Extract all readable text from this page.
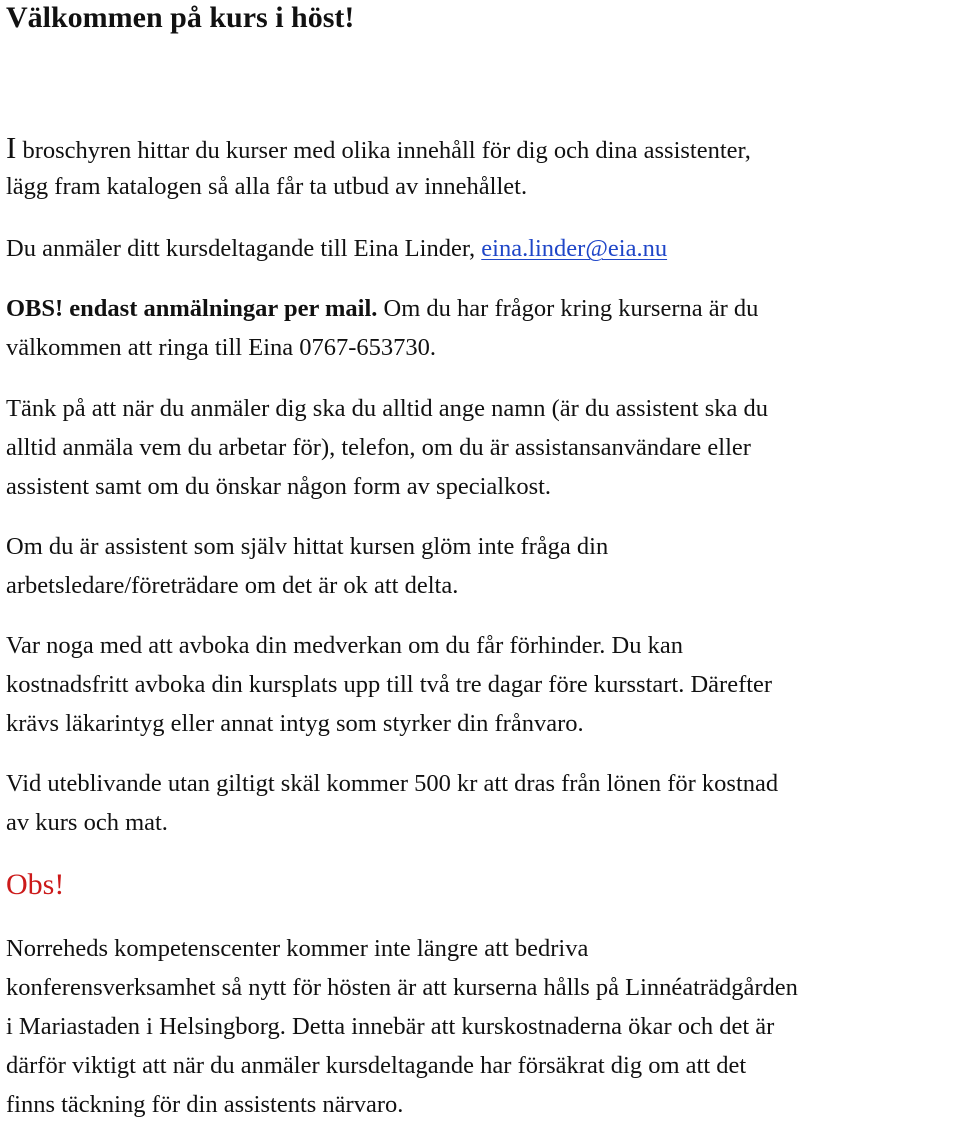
Välkommen på kurs i höst!
I broschyren hittar du kurser med olika innehåll för dig och dina assistenter,
lägg fram katalogen så alla får ta utbud av innehållet.
Du anmäler ditt kursdeltagande till Eina Linder, eina.linder@eia.nu
OBS! endast anmälningar per mail. Om du har frågor kring kurserna är du
välkommen att ringa till Eina 0767-653730.
Tänk på att när du anmäler dig ska du alltid ange namn (är du assistent ska du
alltid anmäla vem du arbetar för), telefon, om du är assistansanvändare eller
assistent samt om du önskar någon form av specialkost.
Om du är assistent som själv hittat kursen glöm inte fråga din
arbetsledare/företrädare om det är ok att delta.
Var noga med att avboka din medverkan om du får förhinder. Du kan
kostnadsfritt avboka din kursplats upp till två tre dagar före kursstart. Därefter
krävs läkarintyg eller annat intyg som styrker din frånvaro.
Vid uteblivande utan giltigt skäl kommer 500 kr att dras från lönen för kostnad
av kurs och mat.
Obs!
Norreheds kompetenscenter kommer inte längre att bedriva
konferensverksamhet så nytt för hösten är att kurserna hålls på Linnéaträdgården
i Mariastaden i Helsingborg. Detta innebär att kurskostnaderna ökar och det är
därför viktigt att när du anmäler kursdeltagande har försäkrat dig om att det
finns täckning för din assistents närvaro.
